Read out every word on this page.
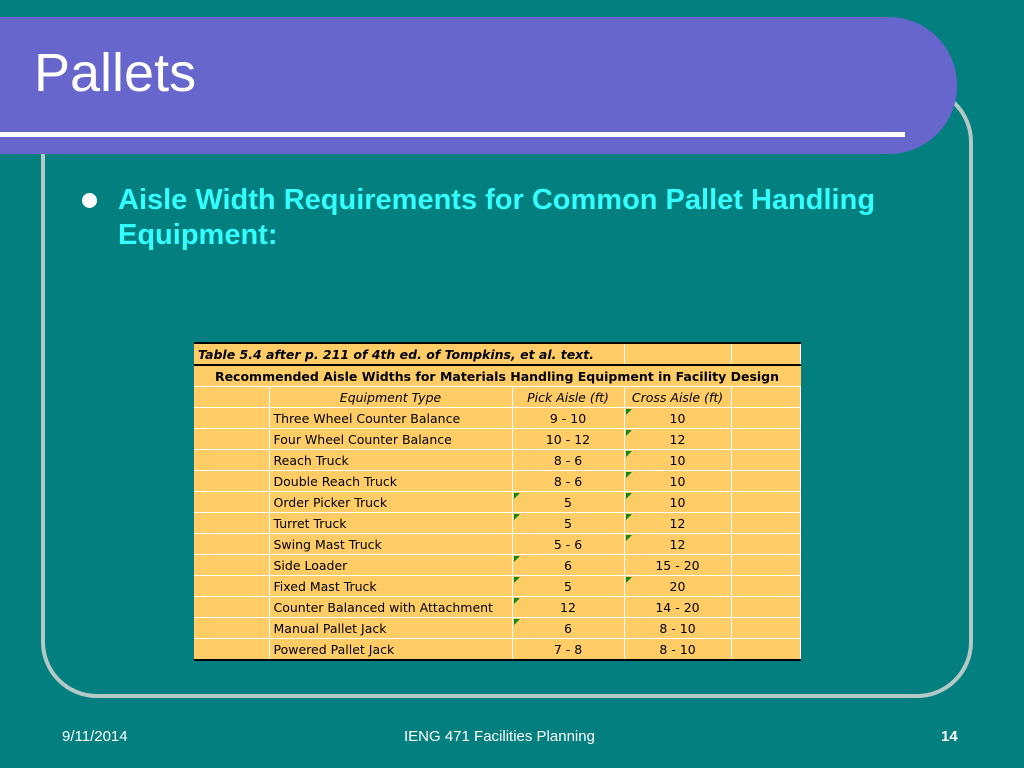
Pallets
Aisle Width Requirements for Common Pallet Handling Equipment:
Table 5.4 after p. 211 of 4th ed. of Tompkins, et al. text.				
Recommended Aisle Widths for Materials Handling Equipment in Facility Design				
	Equipment Type	Pick Aisle (ft)	Cross Aisle (ft)	
	Three Wheel Counter Balance	9 - 10	10	
	Four Wheel Counter Balance	10 - 12	12	
	Reach Truck	8 - 6	10	
	Double Reach Truck	8 - 6	10	
	Order Picker Truck	5	10	
	Turret Truck	5	12	
	Swing Mast Truck	5 - 6	12	
	Side Loader	6	15 - 20	
	Fixed Mast Truck	5	20	
	Counter Balanced with Attachment	12	14 - 20	
	Manual Pallet Jack	6	8 - 10	
	Powered Pallet Jack	7 - 8	8 - 10	
9/11/2014	IENG 471 Facilities Planning	14
